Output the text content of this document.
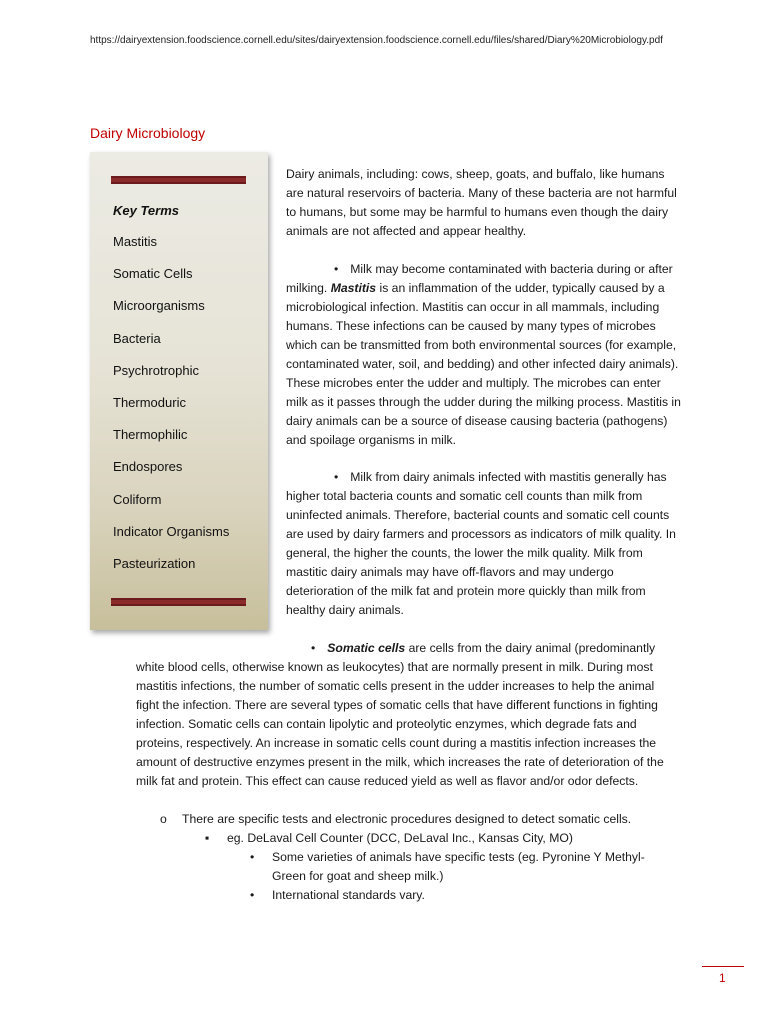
https://dairyextension.foodscience.cornell.edu/sites/dairyextension.foodscience.cornell.edu/files/shared/Diary%20Microbiology.pdf
Dairy Microbiology
Key Terms
Mastitis
Somatic Cells
Microorganisms
Bacteria
Psychrotrophic
Thermoduric
Thermophilic
Endospores
Coliform
Indicator Organisms
Pasteurization
Dairy animals, including: cows, sheep, goats, and buffalo, like humans are natural reservoirs of bacteria. Many of these bacteria are not harmful to humans, but some may be harmful to humans even though the dairy animals are not affected and appear healthy.
• Milk may become contaminated with bacteria during or after milking. Mastitis is an inflammation of the udder, typically caused by a microbiological infection. Mastitis can occur in all mammals, including humans. These infections can be caused by many types of microbes which can be transmitted from both environmental sources (for example, contaminated water, soil, and bedding) and other infected dairy animals). These microbes enter the udder and multiply. The microbes can enter milk as it passes through the udder during the milking process. Mastitis in dairy animals can be a source of disease causing bacteria (pathogens) and spoilage organisms in milk.
• Milk from dairy animals infected with mastitis generally has higher total bacteria counts and somatic cell counts than milk from uninfected animals. Therefore, bacterial counts and somatic cell counts are used by dairy farmers and processors as indicators of milk quality. In general, the higher the counts, the lower the milk quality. Milk from mastitic dairy animals may have off-flavors and may undergo deterioration of the milk fat and protein more quickly than milk from healthy dairy animals.
• Somatic cells are cells from the dairy animal (predominantly
white blood cells, otherwise known as leukocytes) that are normally present in milk. During most mastitis infections, the number of somatic cells present in the udder increases to help the animal fight the infection. There are several types of somatic cells that have different functions in fighting infection. Somatic cells can contain lipolytic and proteolytic enzymes, which degrade fats and proteins, respectively. An increase in somatic cells count during a mastitis infection increases the amount of destructive enzymes present in the milk, which increases the rate of deterioration of the milk fat and protein. This effect can cause reduced yield as well as flavor and/or odor defects.
o There are specific tests and electronic procedures designed to detect somatic cells.
▪ eg. DeLaval Cell Counter (DCC, DeLaval Inc., Kansas City, MO)
•	Some varieties of animals have specific tests (eg. Pyronine Y Methyl-Green for goat and sheep milk.)
• International standards vary.
1
